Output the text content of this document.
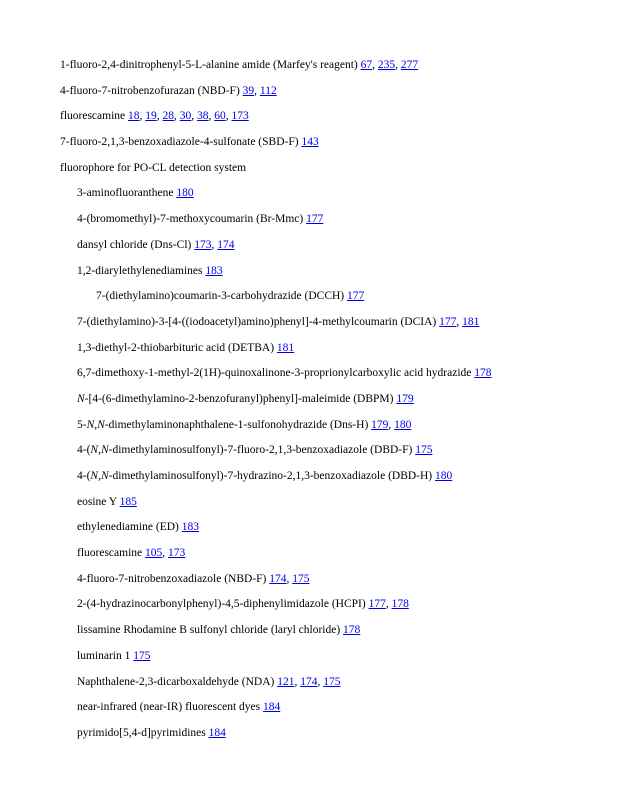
1-fluoro-2,4-dinitrophenyl-5-L-alanine amide (Marfey's reagent) 67, 235, 277
4-fluoro-7-nitrobenzofurazan (NBD-F) 39, 112
fluorescamine 18, 19, 28, 30, 38, 60, 173
7-fluoro-2,1,3-benzoxadiazole-4-sulfonate (SBD-F) 143
fluorophore for PO-CL detection system
3-aminofluoranthene 180
4-(bromomethyl)-7-methoxycoumarin (Br-Mmc) 177
dansyl chloride (Dns-Cl) 173, 174
1,2-diarylethylenediamines 183
7-(diethylamino)coumarin-3-carbohydrazide (DCCH) 177
7-(diethylamino)-3-[4-((iodoacetyl)amino)phenyl]-4-methylcoumarin (DCIA) 177, 181
1,3-diethyl-2-thiobarbituric acid (DETBA) 181
6,7-dimethoxy-1-methyl-2(1H)-quinoxalinone-3-proprionylcarboxylic acid hydrazide 178
N-[4-(6-dimethylamino-2-benzofuranyl)phenyl]-maleimide (DBPM) 179
5-N,N-dimethylaminonaphthalene-1-sulfonohydrazide (Dns-H) 179, 180
4-(N,N-dimethylaminosulfonyl)-7-fluoro-2,1,3-benzoxadiazole (DBD-F) 175
4-(N,N-dimethylaminosulfonyl)-7-hydrazino-2,1,3-benzoxadiazole (DBD-H) 180
eosine Y 185
ethylenediamine (ED) 183
fluorescamine 105, 173
4-fluoro-7-nitrobenzoxadiazole (NBD-F) 174, 175
2-(4-hydrazinocarbonylphenyl)-4,5-diphenylimidazole (HCPI) 177, 178
lissamine Rhodamine B sulfonyl chloride (laryl chloride) 178
luminarin 1 175
Naphthalene-2,3-dicarboxaldehyde (NDA) 121, 174, 175
near-infrared (near-IR) fluorescent dyes 184
pyrimido[5,4-d]pyrimidines 184
